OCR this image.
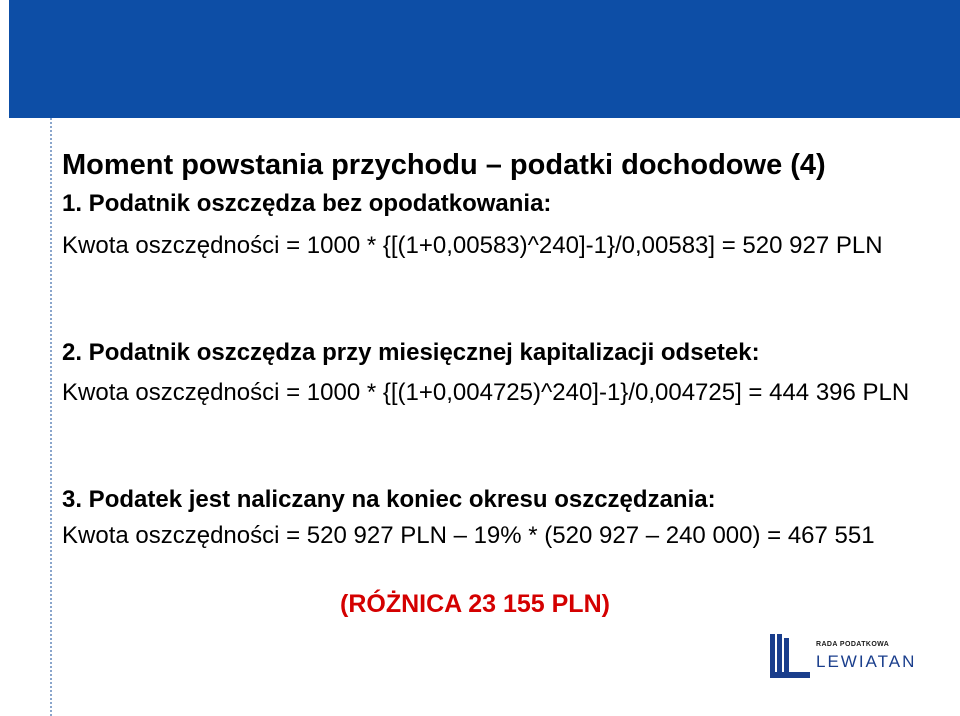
Moment powstania przychodu – podatki dochodowe (4)

1. Podatnik oszczędza bez opodatkowania:

Kwota oszczędności = 1000 * {[(1+0,00583)^240]-1}/0,00583] = 520 927 PLN

2. Podatnik oszczędza przy miesięcznej kapitalizacji odsetek:

Kwota oszczędności = 1000 * {[(1+0,004725)^240]-1}/0,004725] = 444 396 PLN

3. Podatek jest naliczany na koniec okresu oszczędzania:

Kwota oszczędności = 520 927 PLN – 19% * (520 927 – 240 000) = 467 551

(RÓŻNICA 23 155 PLN)

RADA PODATKOWA
LEWIATAN
